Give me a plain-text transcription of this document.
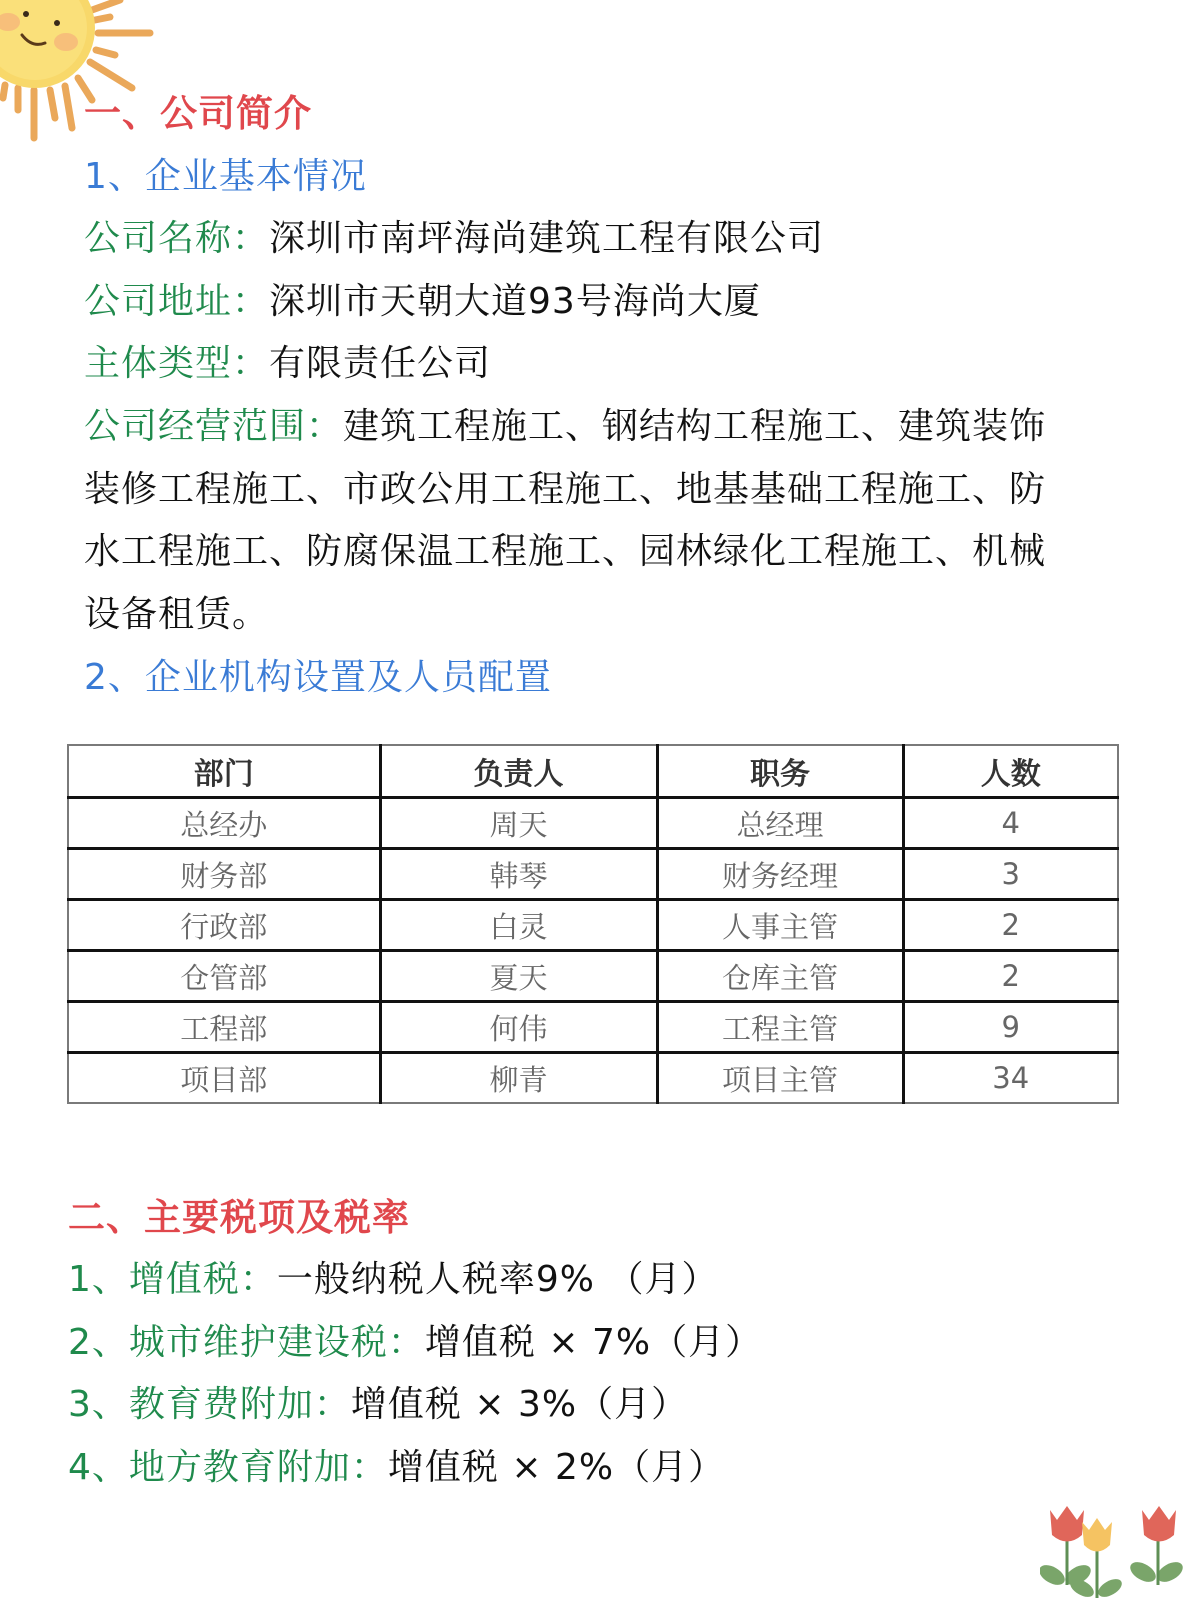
一、公司简介
1、企业基本情况
公司名称：深圳市南坪海尚建筑工程有限公司
公司地址：深圳市天朝大道93号海尚大厦
主体类型：有限责任公司
公司经营范围：建筑工程施工、钢结构工程施工、建筑装饰
装修工程施工、市政公用工程施工、地基基础工程施工、防
水工程施工、防腐保温工程施工、园林绿化工程施工、机械
设备租赁。
2、企业机构设置及人员配置
部门	负责人	职务	人数
总经办	周天	总经理	4
财务部	韩琴	财务经理	3
行政部	白灵	人事主管	2
仓管部	夏天	仓库主管	2
工程部	何伟	工程主管	9
项目部	柳青	项目主管	34
二、主要税项及税率
1、增值税：一般纳税人税率9% （月）
2、城市维护建设税：增值税 × 7%（月）
3、教育费附加：增值税 × 3%（月）
4、地方教育附加：增值税 × 2%（月）
